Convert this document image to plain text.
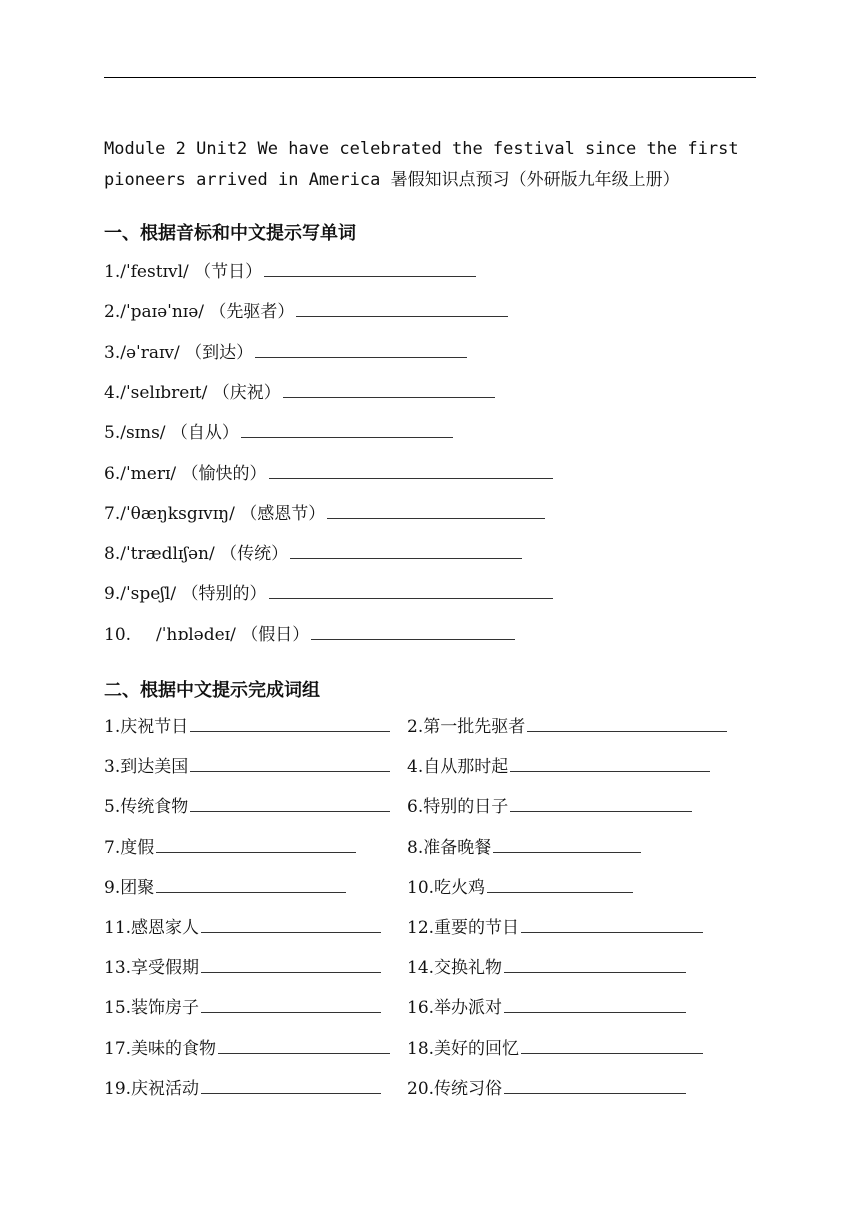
Module 2 Unit2 We have celebrated the festival since the first
pioneers arrived in America 暑假知识点预习（外研版九年级上册）
一、根据音标和中文提示写单词
1./ˈfestɪvl/ （节日）
2./ˈpaɪəˈnɪə/ （先驱者）
3./əˈraɪv/ （到达）
4./ˈselɪbreɪt/ （庆祝）
5./sɪns/ （自从）
6./ˈmerɪ/ （愉快的）
7./ˈθæŋksgɪvɪŋ/ （感恩节）
8./ˈtrædlɪʃən/ （传统）
9./ˈspeʃl/ （特别的）
10. /ˈhɒlədeɪ/ （假日）
二、根据中文提示完成词组
1.庆祝节日	2.第一批先驱者
3.到达美国	4.自从那时起
5.传统食物	6.特别的日子
7.度假	8.准备晚餐
9.团聚	10.吃火鸡
11.感恩家人	12.重要的节日
13.享受假期	14.交换礼物
15.装饰房子	16.举办派对
17.美味的食物	18.美好的回忆
19.庆祝活动	20.传统习俗
